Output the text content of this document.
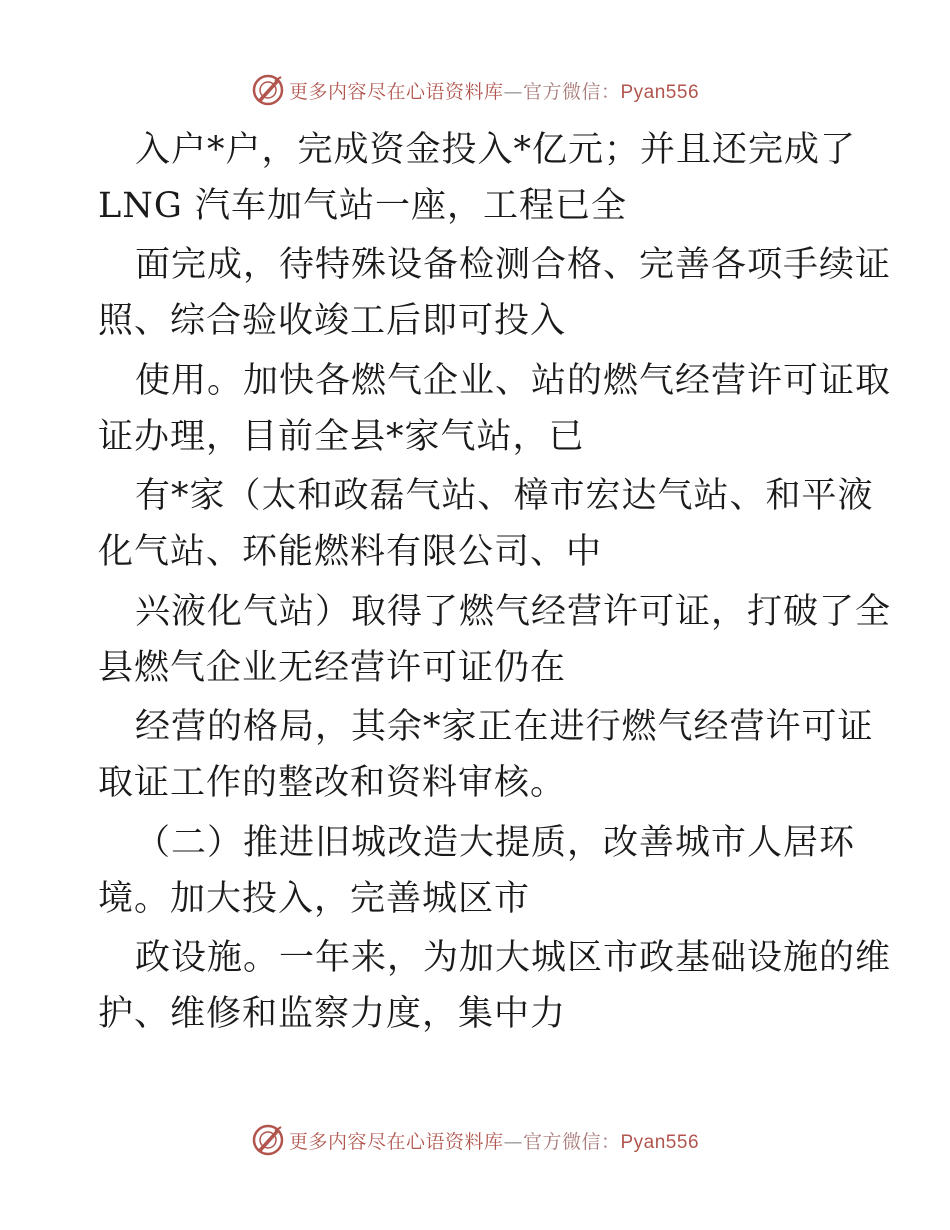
更多内容尽在心语资料库—官方微信：Pyan556
入户*户，完成资金投入*亿元；并且还完成了
LNG 汽车加气站一座，工程已全
面完成，待特殊设备检测合格、完善各项手续证
照、综合验收竣工后即可投入
使用。加快各燃气企业、站的燃气经营许可证取
证办理，目前全县*家气站，已
有*家（太和政磊气站、樟市宏达气站、和平液
化气站、环能燃料有限公司、中
兴液化气站）取得了燃气经营许可证，打破了全
县燃气企业无经营许可证仍在
经营的格局，其余*家正在进行燃气经营许可证
取证工作的整改和资料审核。
（二）推进旧城改造大提质，改善城市人居环
境。加大投入，完善城区市
政设施。一年来，为加大城区市政基础设施的维
护、维修和监察力度，集中力
更多内容尽在心语资料库—官方微信：Pyan556
